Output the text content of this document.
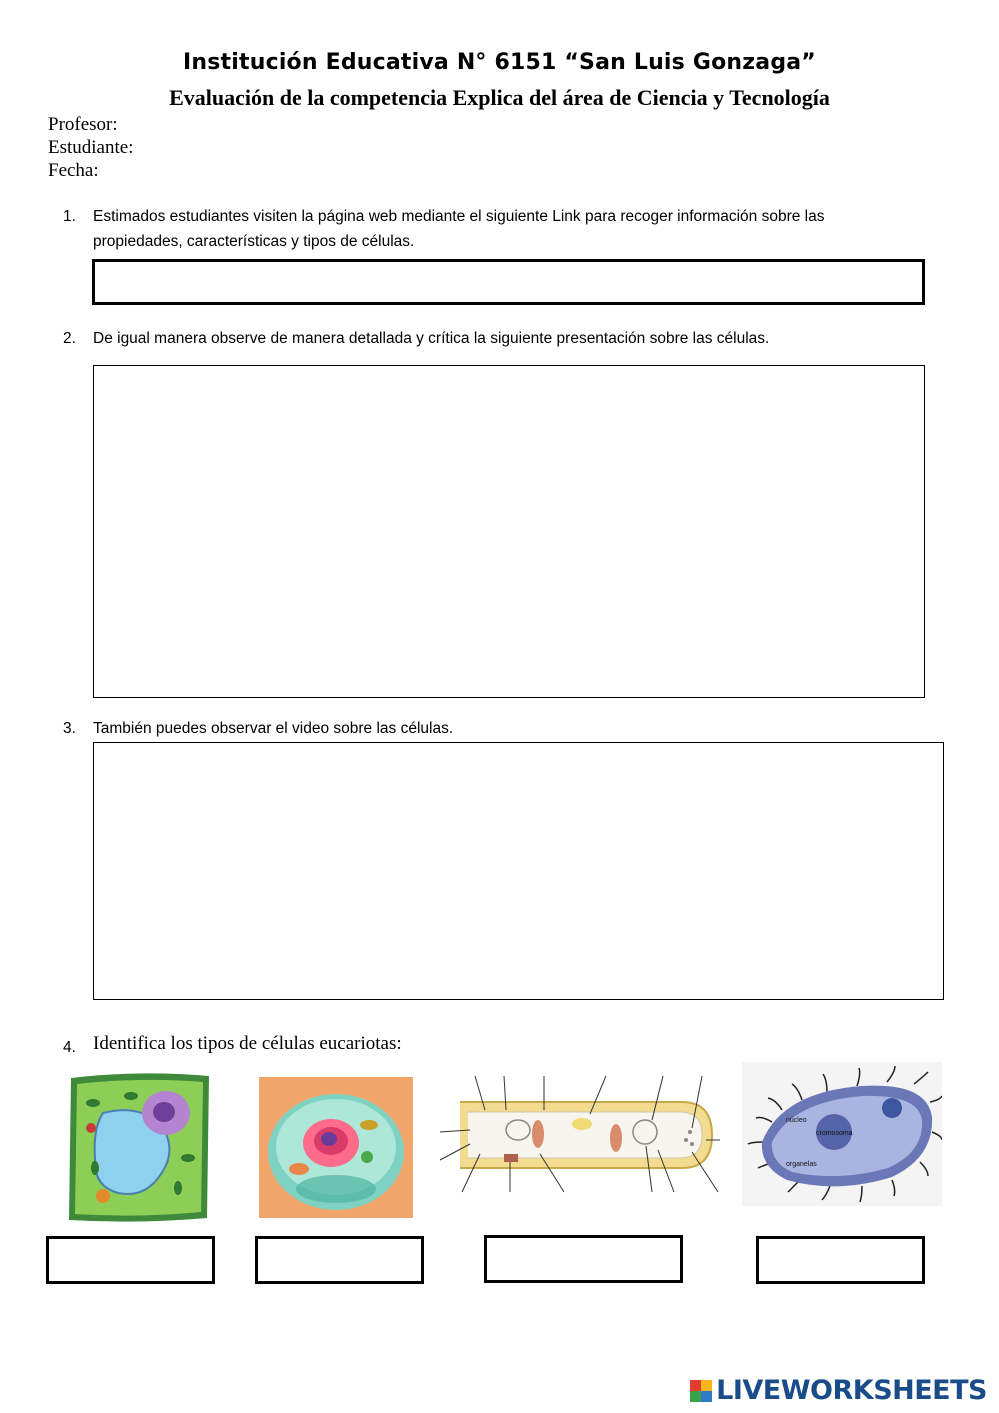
Institución Educativa N° 6151 “San Luis Gonzaga”
Evaluación de la competencia Explica del área de Ciencia y Tecnología
Profesor:
Estudiante:
Fecha:
1. Estimados estudiantes visiten la página web mediante el siguiente Link para recoger información sobre las propiedades, características y tipos de células.
2. De igual manera observe de manera detallada y crítica la siguiente presentación sobre las células.
3. También puedes observar el video sobre las células.
4. Identifica los tipos de células eucariotas:
núcleo
cromosoma
organelas
LIVEWORKSHEETS
